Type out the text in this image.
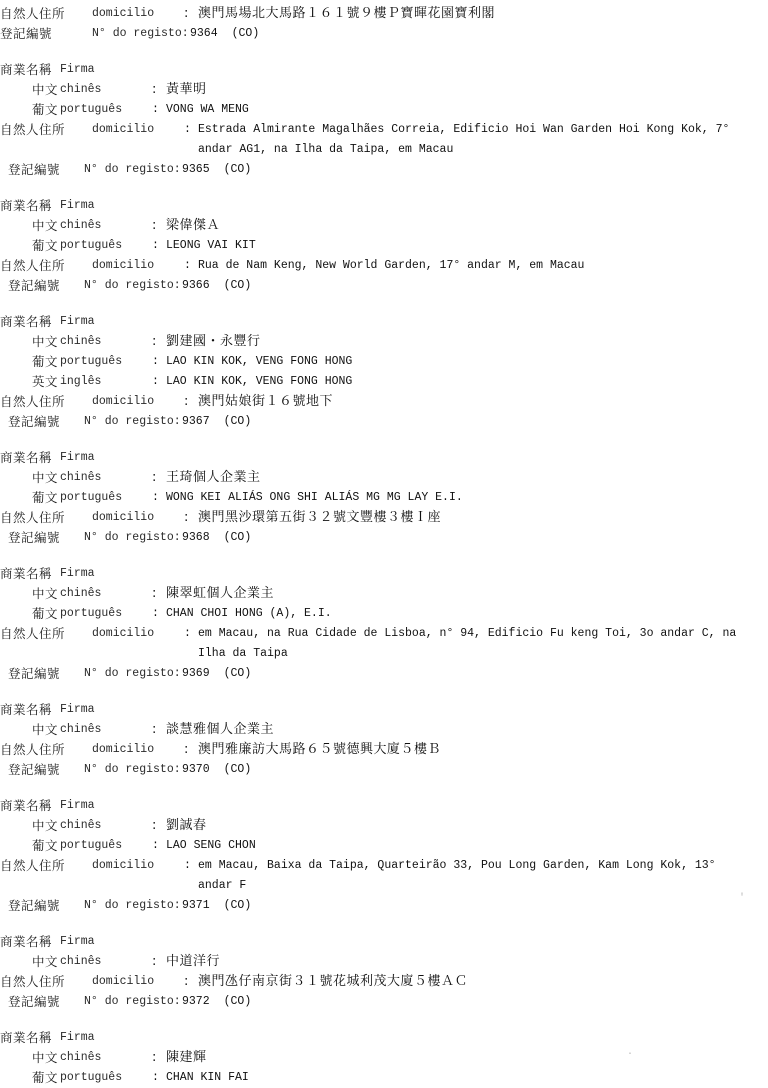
自然人住所	domicilio	: 澳門馬場北大馬路１６１號９樓Ｐ寶暉花園寶利閣
登記編號	N° do registo: 9364	(CO)
商業名稱 Firma
中文 chinês	: 黃華明
葡文 português	: VONG WA MENG
自然人住所	domicilio	: Estrada Almirante Magalhães Correia, Edificio Hoi Wan Garden Hoi Kong Kok, 7°
andar AG1, na Ilha da Taipa, em Macau
登記編號	N° do registo: 9365	(CO)
商業名稱 Firma
中文 chinês	: 梁偉傑Ａ
葡文 português	: LEONG VAI KIT
自然人住所	domicilio	: Rua de Nam Keng, New World Garden, 17° andar M, em Macau
登記編號	N° do registo: 9366	(CO)
商業名稱 Firma
中文 chinês	: 劉建國・永豐行
葡文 português	: LAO KIN KOK, VENG FONG HONG
英文 inglês	: LAO KIN KOK, VENG FONG HONG
自然人住所	domicilio	: 澳門姑娘街１６號地下
登記編號	N° do registo: 9367	(CO)
商業名稱 Firma
中文 chinês	: 王琦個人企業主
葡文 português	: WONG KEI ALIÁS ONG SHI ALIÁS MG MG LAY E.I.
自然人住所	domicilio	: 澳門黑沙環第五街３２號文豐樓３樓Ｉ座
登記編號	N° do registo: 9368	(CO)
商業名稱 Firma
中文 chinês	: 陳翠虹個人企業主
葡文 português	: CHAN CHOI HONG (A), E.I.
自然人住所	domicilio	: em Macau, na Rua Cidade de Lisboa, n° 94, Edificio Fu keng Toi, 3o andar C, na
Ilha da Taipa
登記編號	N° do registo: 9369	(CO)
商業名稱 Firma
中文 chinês	: 談慧雅個人企業主
自然人住所	domicilio	: 澳門雅廉訪大馬路６５號德興大廈５樓Ｂ
登記編號	N° do registo: 9370	(CO)
商業名稱 Firma
中文 chinês	: 劉誠春
葡文 português	: LAO SENG CHON
自然人住所	domicilio	: em Macau, Baixa da Taipa, Quarteirão 33, Pou Long Garden, Kam Long Kok, 13°
andar F
登記編號	N° do registo: 9371	(CO)
商業名稱 Firma
中文 chinês	: 中道洋行
自然人住所	domicilio	: 澳門氹仔南京街３１號花城利茂大廈５樓ＡＣ
登記編號	N° do registo: 9372	(CO)
商業名稱 Firma
中文 chinês	: 陳建輝
葡文 português	: CHAN KIN FAI
'
.
